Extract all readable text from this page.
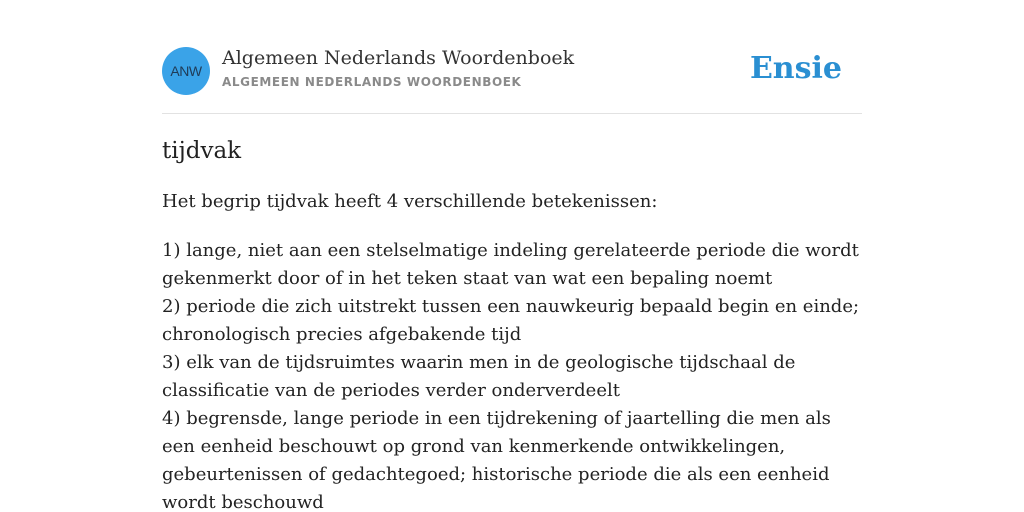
ANW
Algemeen Nederlands Woordenboek
ALGEMEEN NEDERLANDS WOORDENBOEK	Ensie
tijdvak

Het begrip tijdvak heeft 4 verschillende betekenissen:

1) lange, niet aan een stelselmatige indeling gerelateerde periode die wordt gekenmerkt door of in het teken staat van wat een bepaling noemt
2) periode die zich uitstrekt tussen een nauwkeurig bepaald begin en einde; chronologisch precies afgebakende tijd
3) elk van de tijdsruimtes waarin men in de geologische tijdschaal de classificatie van de periodes verder onderverdeelt
4) begrensde, lange periode in een tijdrekening of jaartelling die men als een eenheid beschouwt op grond van kenmerkende ontwikkelingen, gebeurtenissen of gedachtegoed; historische periode die als een eenheid wordt beschouwd
